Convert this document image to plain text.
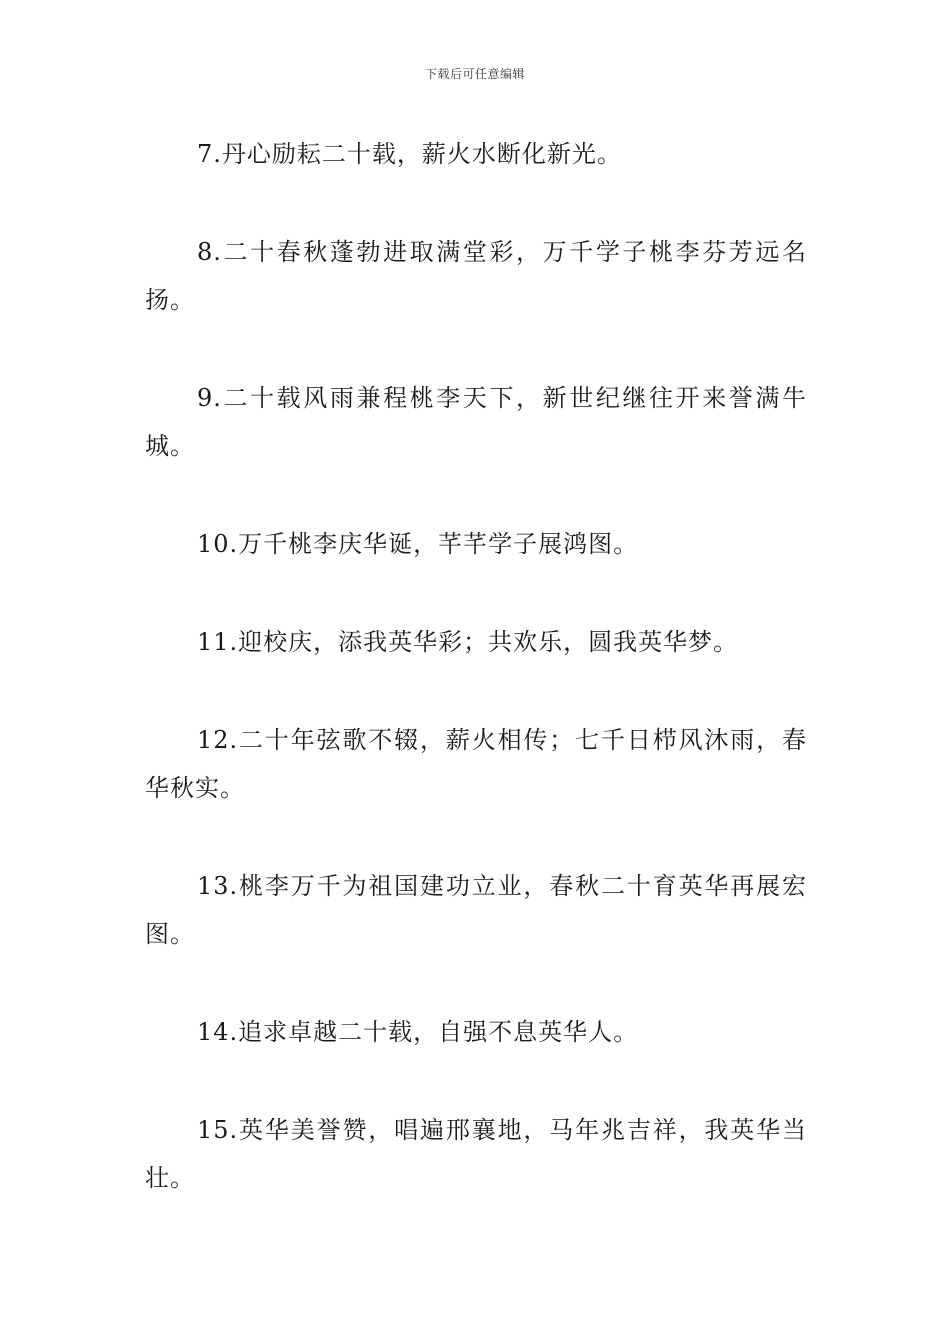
下载后可任意编辑

7.丹心励耘二十载，薪火水断化新光。

8.二十春秋蓬勃进取满堂彩，万千学子桃李芬芳远名扬。

9.二十载风雨兼程桃李天下，新世纪继往开来誉满牛城。

10.万千桃李庆华诞，芊芊学子展鸿图。

11.迎校庆，添我英华彩；共欢乐，圆我英华梦。

12.二十年弦歌不辍，薪火相传；七千日栉风沐雨，春华秋实。

13.桃李万千为祖国建功立业，春秋二十育英华再展宏图。

14.追求卓越二十载，自强不息英华人。

15.英华美誉赞，唱遍邢襄地，马年兆吉祥，我英华当壮。
